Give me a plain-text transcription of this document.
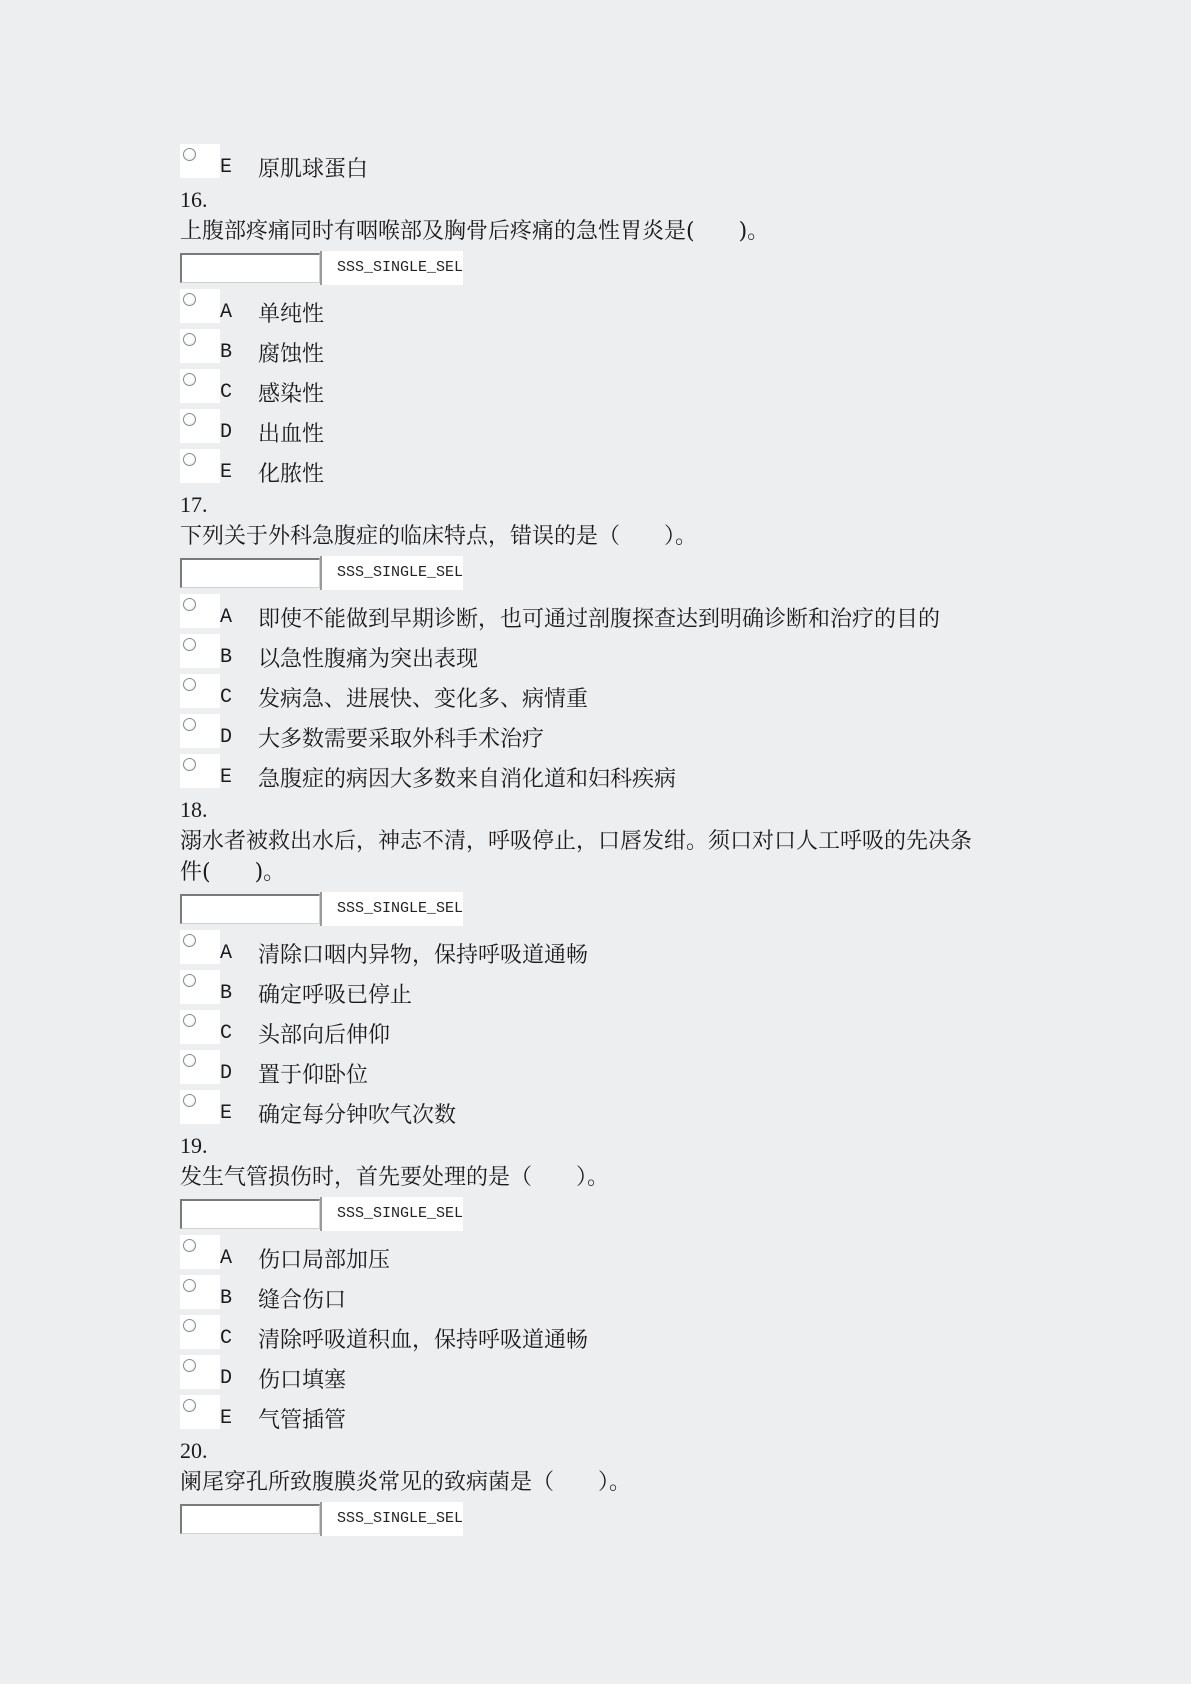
E	原肌球蛋白
16.
上腹部疼痛同时有咽喉部及胸骨后疼痛的急性胃炎是(　　)。
SSS_SINGLE_SEL
A	单纯性
B	腐蚀性
C	感染性
D	出血性
E	化脓性
17.
下列关于外科急腹症的临床特点，错误的是（　　）。
SSS_SINGLE_SEL
A	即使不能做到早期诊断，也可通过剖腹探查达到明确诊断和治疗的目的
B	以急性腹痛为突出表现
C	发病急、进展快、变化多、病情重
D	大多数需要采取外科手术治疗
E	急腹症的病因大多数来自消化道和妇科疾病
18.
溺水者被救出水后，神志不清，呼吸停止，口唇发绀。须口对口人工呼吸的先决条件(　　)。
SSS_SINGLE_SEL
A	清除口咽内异物，保持呼吸道通畅
B	确定呼吸已停止
C	头部向后伸仰
D	置于仰卧位
E	确定每分钟吹气次数
19.
发生气管损伤时，首先要处理的是（　　）。
SSS_SINGLE_SEL
A	伤口局部加压
B	缝合伤口
C	清除呼吸道积血，保持呼吸道通畅
D	伤口填塞
E	气管插管
20.
阑尾穿孔所致腹膜炎常见的致病菌是（　　）。
SSS_SINGLE_SEL
